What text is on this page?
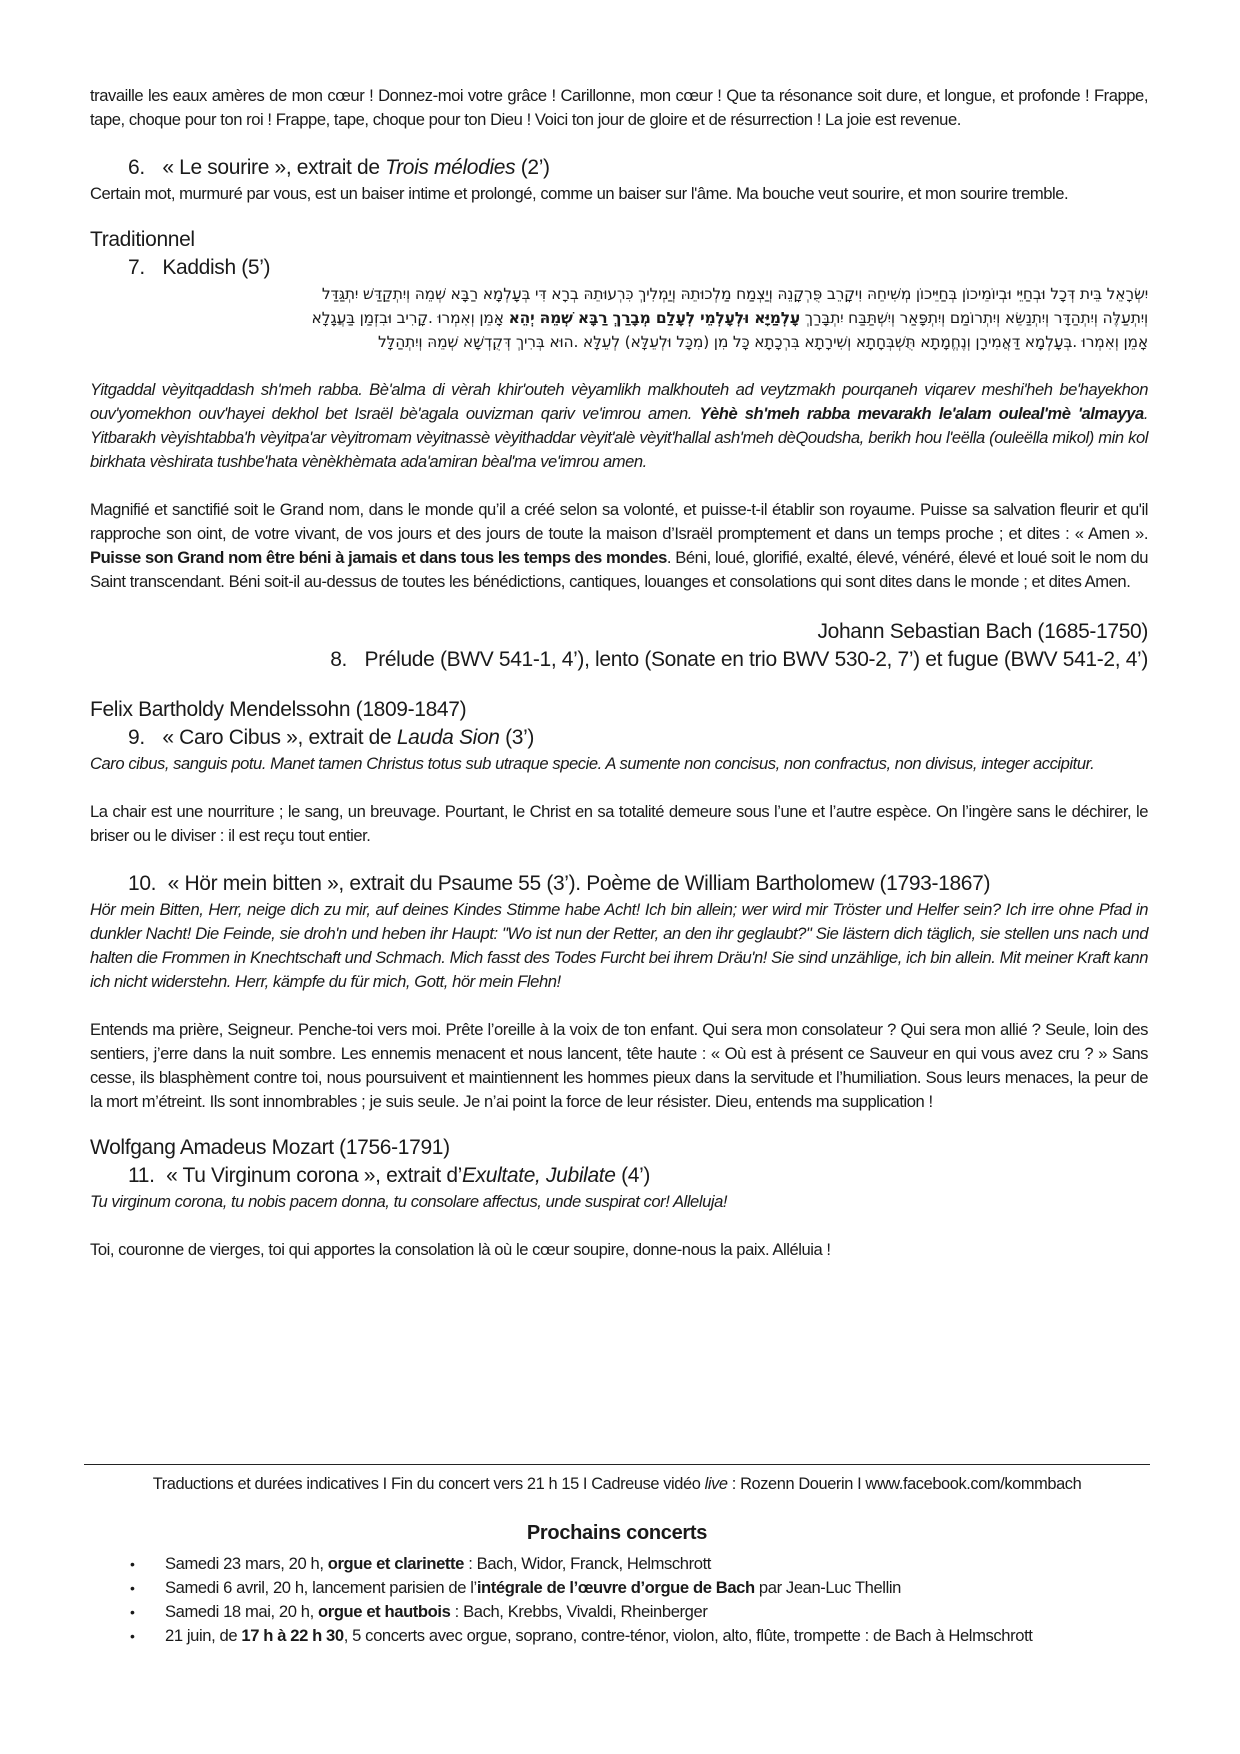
travaille les eaux amères de mon cœur ! Donnez-moi votre grâce ! Carillonne, mon cœur ! Que ta résonance soit dure, et longue, et profonde ! Frappe, tape, choque pour ton roi ! Frappe, tape, choque pour ton Dieu ! Voici ton jour de gloire et de résurrection ! La joie est revenue.

6. « Le sourire », extrait de Trois mélodies (2’)

Certain mot, murmuré par vous, est un baiser intime et prolongé, comme un baiser sur l'âme. Ma bouche veut sourire, et mon sourire tremble.

Traditionnel

7. Kaddish (5’)

יִשְׂרָאֵל בֵּית דְּכָל וּבְחַיֵּי וּבְיוֹמֵיכוֹן בְּחַיֵּיכוֹן מְשִׁיחֵהּ וִיקָרֵב פֻּרְקָנֵהּ וְיַצְמַח מַלְכוּתֵהּ וְיַמְלִיךְ כִּרְעוּתֵהּ בְרָא דִּי בְּעָלְמָא רַבָּא שְׁמֵהּ וְיִתְקַדַּשׁ יִתְגַּדַּל

וְיִתְעַלֶּה וְיִתְהַדָּר וְיִתְנַשֵּׂא וְיִתְרוֹמַם וְיִתְפָּאַר וְיִשְׁתַּבַּח יִתְבָּרַךְ עָלְמַיָּא וּלְעָלְמֵי לְעָלַם מְבָרַךְ רַבָּא שְׁמֵהּ יְהֵא אָמֵן וְאִמְרוּ .קָרִיב וּבִזְמַן בַּעֲגָלָא

אָמֵן וְאִמְרוּ .בְּעָלְמָא דַּאֲמִירָן וְנֶחֱמָתָא תֻּשְׁבְּחָתָא וְשִׁירָתָא בִּרְכָתָא כָּל מִן (מִכָּל וּלְעֵלָּא) לְעֵלָּא .הוּא בְּרִיךְ דְּקֻדְשָׁא שְׁמֵהּ וְיִתְהַלָּל

Yitgaddal vèyitqaddash sh'meh rabba. Bè'alma di vèrah khir'outeh vèyamlikh malkhouteh ad veytzmakh pourqaneh viqarev meshi'heh be'hayekhon ouv'yomekhon ouv'hayei dekhol bet Israël bè'agala ouvizman qariv ve'imrou amen. Yèhè sh'meh rabba mevarakh le'alam ouleal'mè 'almayya. Yitbarakh vèyishtabba'h vèyitpa'ar vèyitromam vèyitnassè vèyithaddar vèyit'alè vèyit'hallal ash'meh dèQoudsha, berikh hou l'eëlla (ouleëlla mikol) min kol birkhata vèshirata tushbe'hata vènèkhèmata ada'amiran bèal'ma ve'imrou amen.

Magnifié et sanctifié soit le Grand nom, dans le monde qu’il a créé selon sa volonté, et puisse-t-il établir son royaume. Puisse sa salvation fleurir et qu'il rapproche son oint, de votre vivant, de vos jours et des jours de toute la maison d’Israël promptement et dans un temps proche ; et dites : « Amen ». Puisse son Grand nom être béni à jamais et dans tous les temps des mondes. Béni, loué, glorifié, exalté, élevé, vénéré, élevé et loué soit le nom du Saint transcendant. Béni soit-il au-dessus de toutes les bénédictions, cantiques, louanges et consolations qui sont dites dans le monde ; et dites Amen.

Johann Sebastian Bach (1685-1750)

8. Prélude (BWV 541-1, 4’), lento (Sonate en trio BWV 530-2, 7’) et fugue (BWV 541-2, 4’)

Felix Bartholdy Mendelssohn (1809-1847)

9. « Caro Cibus », extrait de Lauda Sion (3’)

Caro cibus, sanguis potu. Manet tamen Christus totus sub utraque specie. A sumente non concisus, non confractus, non divisus, integer accipitur.

La chair est une nourriture ; le sang, un breuvage. Pourtant, le Christ en sa totalité demeure sous l’une et l’autre espèce. On l’ingère sans le déchirer, le briser ou le diviser : il est reçu tout entier.

10. « Hör mein bitten », extrait du Psaume 55 (3’). Poème de William Bartholomew (1793-1867)

Hör mein Bitten, Herr, neige dich zu mir, auf deines Kindes Stimme habe Acht! Ich bin allein; wer wird mir Tröster und Helfer sein? Ich irre ohne Pfad in dunkler Nacht! Die Feinde, sie droh'n und heben ihr Haupt: "Wo ist nun der Retter, an den ihr geglaubt?" Sie lästern dich täglich, sie stellen uns nach und halten die Frommen in Knechtschaft und Schmach. Mich fasst des Todes Furcht bei ihrem Dräu'n! Sie sind unzählige, ich bin allein. Mit meiner Kraft kann ich nicht widerstehn. Herr, kämpfe du für mich, Gott, hör mein Flehn!

Entends ma prière, Seigneur. Penche-toi vers moi. Prête l’oreille à la voix de ton enfant. Qui sera mon consolateur ? Qui sera mon allié ? Seule, loin des sentiers, j’erre dans la nuit sombre. Les ennemis menacent et nous lancent, tête haute : « Où est à présent ce Sauveur en qui vous avez cru ? » Sans cesse, ils blasphèment contre toi, nous poursuivent et maintiennent les hommes pieux dans la servitude et l’humiliation. Sous leurs menaces, la peur de la mort m’étreint. Ils sont innombrables ; je suis seule. Je n’ai point la force de leur résister. Dieu, entends ma supplication !

Wolfgang Amadeus Mozart (1756-1791)

11. « Tu Virginum corona », extrait d’Exultate, Jubilate (4’)

Tu virginum corona, tu nobis pacem donna, tu consolare affectus, unde suspirat cor! Alleluja!

Toi, couronne de vierges, toi qui apportes la consolation là où le cœur soupire, donne-nous la paix. Alléluia !

Traductions et durées indicatives I Fin du concert vers 21 h 15 I Cadreuse vidéo live : Rozenn Douerin I www.facebook.com/kommbach

Prochains concerts

• Samedi 23 mars, 20 h, orgue et clarinette : Bach, Widor, Franck, Helmschrott
• Samedi 6 avril, 20 h, lancement parisien de l’intégrale de l’œuvre d’orgue de Bach par Jean-Luc Thellin
• Samedi 18 mai, 20 h, orgue et hautbois : Bach, Krebbs, Vivaldi, Rheinberger
• 21 juin, de 17 h à 22 h 30, 5 concerts avec orgue, soprano, contre-ténor, violon, alto, flûte, trompette : de Bach à Helmschrott
